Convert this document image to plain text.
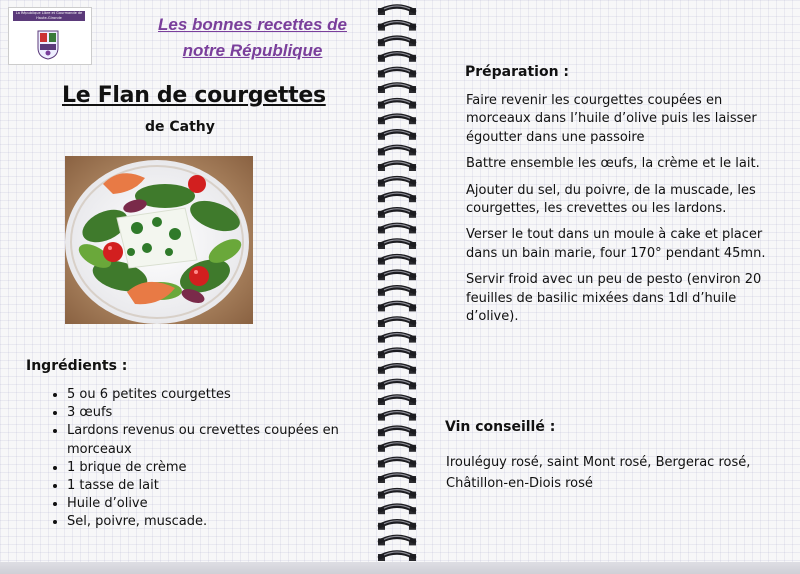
La République Libre et Gourmande de Haute-Gironde	Les bonnes recettes de
notre République
Le Flan de courgettes
de Cathy
Ingrédients :
• 5 ou 6 petites courgettes
• 3 œufs
• Lardons revenus ou crevettes coupées en morceaux
• 1 brique de crème
• 1 tasse de lait
• Huile d’olive
• Sel, poivre, muscade.
Préparation :

Faire revenir les courgettes coupées en morceaux dans l’huile d’olive puis les laisser égoutter dans une passoire

Battre ensemble les œufs, la crème et le lait.

Ajouter du sel, du poivre, de la muscade, les courgettes, les crevettes ou les lardons.

Verser le tout dans un moule à cake et placer dans un bain marie, four 170° pendant 45mn.

Servir froid avec un peu de pesto (environ 20 feuilles de basilic mixées dans 1dl d’huile d’olive).

Vin conseillé :
Irouléguy rosé, saint Mont rosé, Bergerac rosé, Châtillon-en-Diois rosé
